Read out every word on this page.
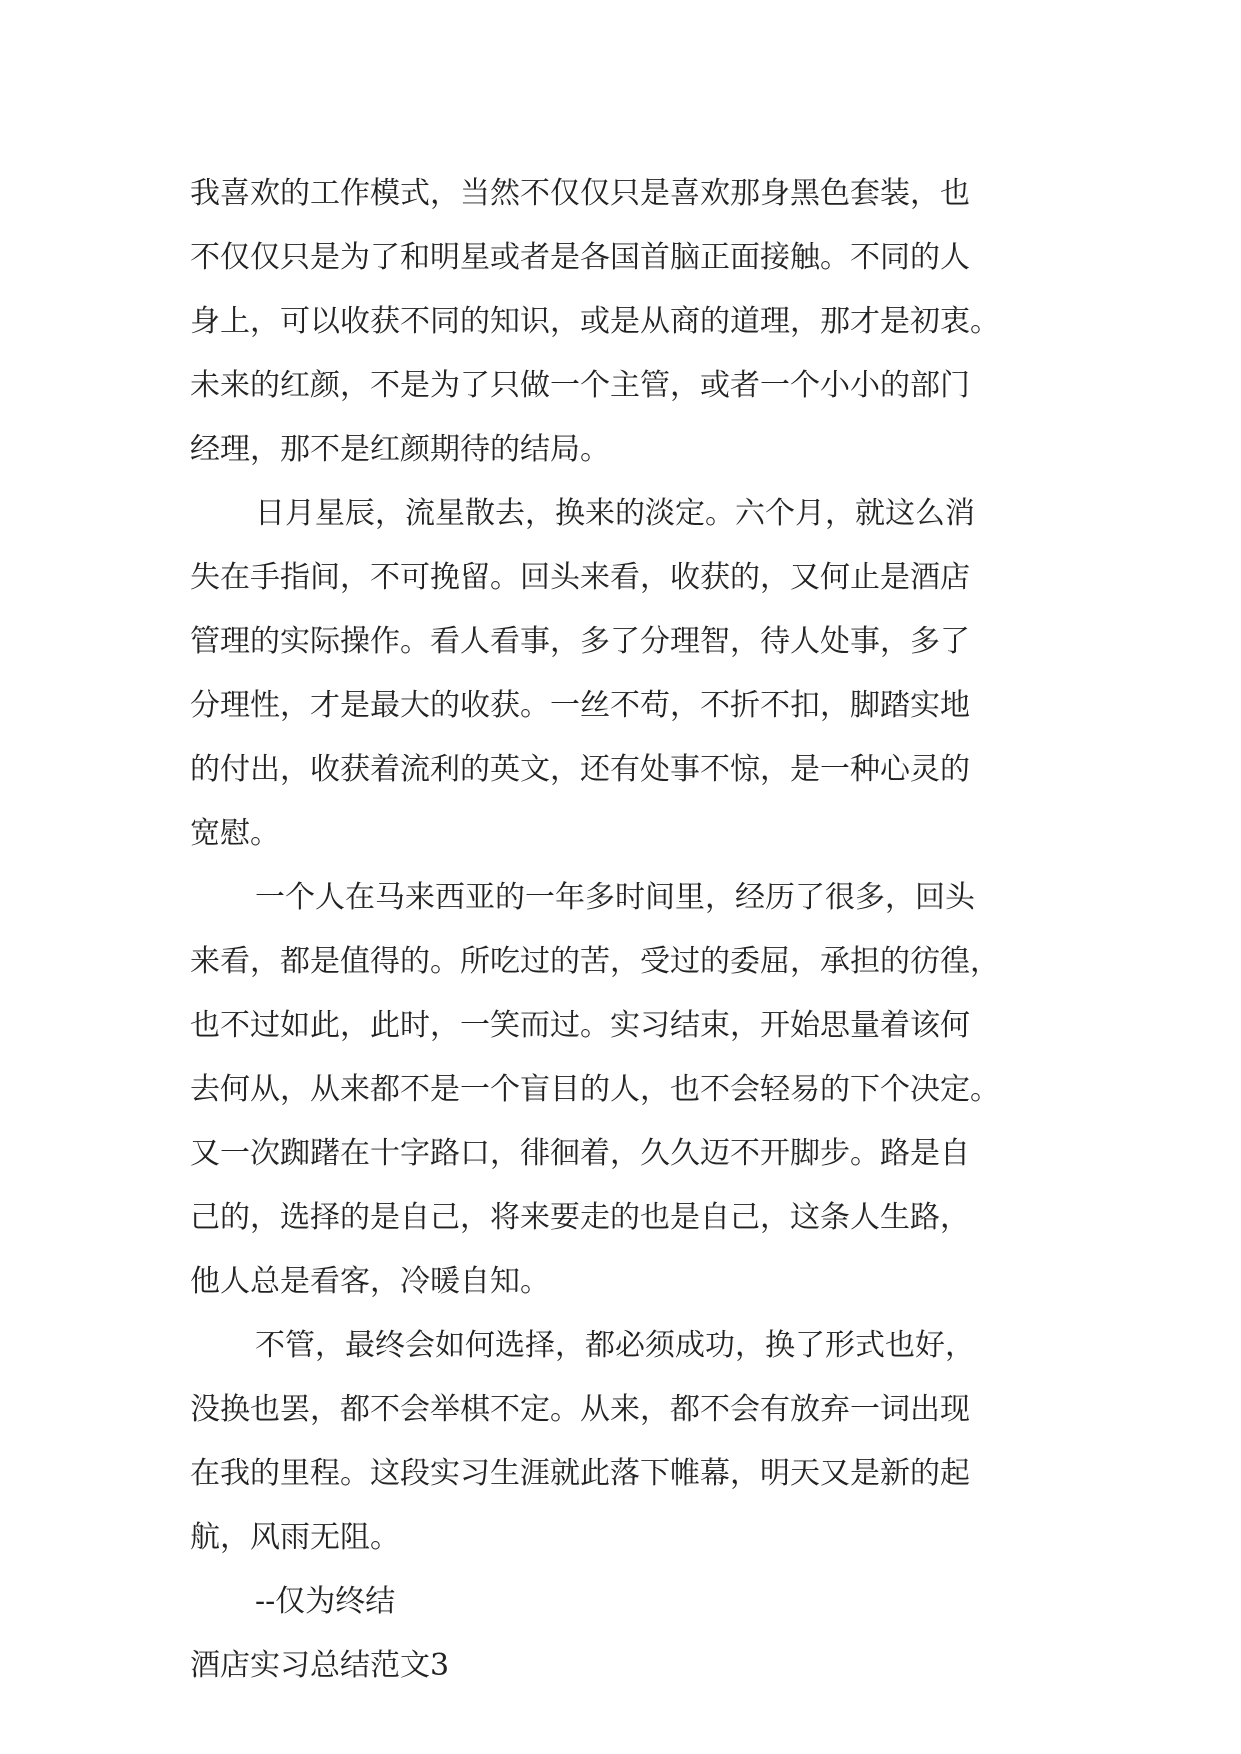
我喜欢的工作模式，当然不仅仅只是喜欢那身黑色套装，也

不仅仅只是为了和明星或者是各国首脑正面接触。不同的人

身上，可以收获不同的知识，或是从商的道理，那才是初衷。

未来的红颜，不是为了只做一个主管，或者一个小小的部门

经理，那不是红颜期待的结局。

日月星辰，流星散去，换来的淡定。六个月，就这么消

失在手指间，不可挽留。回头来看，收获的，又何止是酒店

管理的实际操作。看人看事，多了分理智，待人处事，多了

分理性，才是最大的收获。一丝不苟，不折不扣，脚踏实地

的付出，收获着流利的英文，还有处事不惊，是一种心灵的

宽慰。

一个人在马来西亚的一年多时间里，经历了很多，回头

来看，都是值得的。所吃过的苦，受过的委屈，承担的彷徨，

也不过如此，此时，一笑而过。实习结束，开始思量着该何

去何从，从来都不是一个盲目的人，也不会轻易的下个决定。

又一次踟躇在十字路口，徘徊着，久久迈不开脚步。路是自

己的，选择的是自己，将来要走的也是自己，这条人生路，

他人总是看客，冷暖自知。

不管，最终会如何选择，都必须成功，换了形式也好，

没换也罢，都不会举棋不定。从来，都不会有放弃一词出现

在我的里程。这段实习生涯就此落下帷幕，明天又是新的起

航，风雨无阻。

--仅为终结

酒店实习总结范文3
